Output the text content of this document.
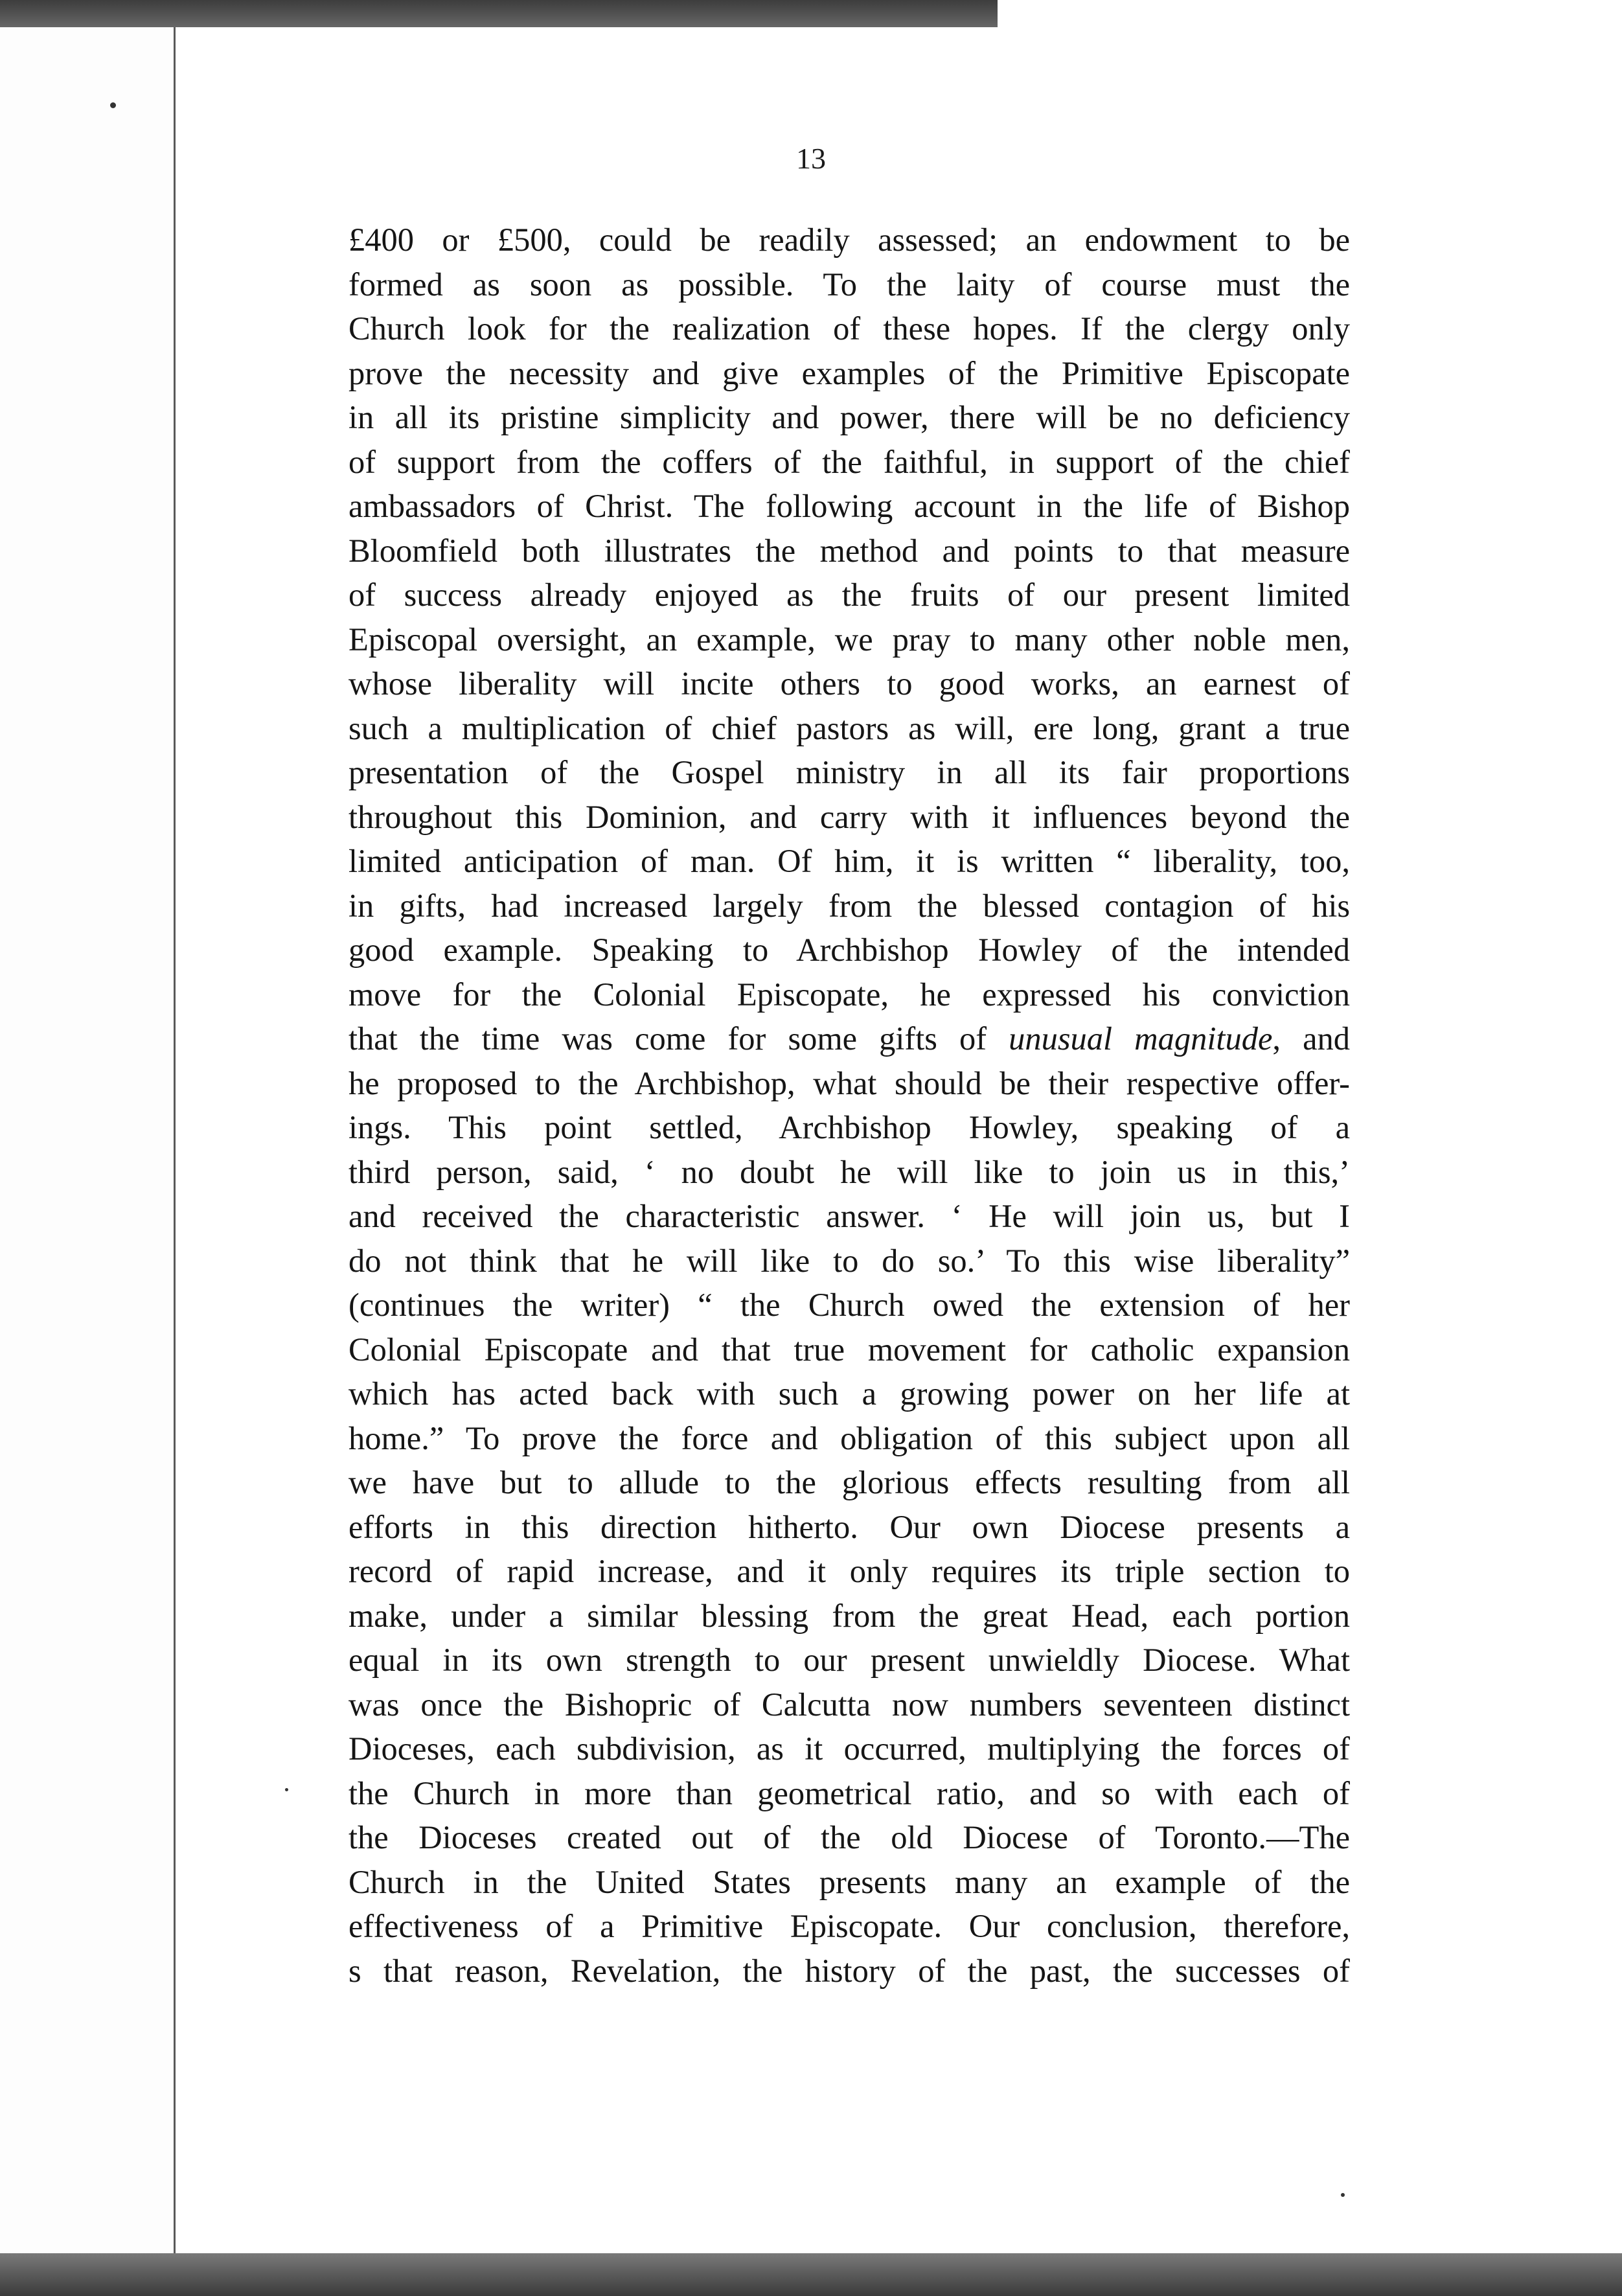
13
£400 or £500, could be readily assessed; an endowment to be
formed as soon as possible. To the laity of course must the
Church look for the realization of these hopes. If the clergy only
prove the necessity and give examples of the Primitive Episcopate
in all its pristine simplicity and power, there will be no deficiency
of support from the coffers of the faithful, in support of the chief
ambassadors of Christ. The following account in the life of Bishop
Bloomfield both illustrates the method and points to that measure
of success already enjoyed as the fruits of our present limited
Episcopal oversight, an example, we pray to many other noble men,
whose liberality will incite others to good works, an earnest of
such a multiplication of chief pastors as will, ere long, grant a true
presentation of the Gospel ministry in all its fair proportions
throughout this Dominion, and carry with it influences beyond the
limited anticipation of man. Of him, it is written “ liberality, too,
in gifts, had increased largely from the blessed contagion of his
good example. Speaking to Archbishop Howley of the intended
move for the Colonial Episcopate, he expressed his conviction
that the time was come for some gifts of unusual magnitude, and
he proposed to the Archbishop, what should be their respective offer-
ings. This point settled, Archbishop Howley, speaking of a
third person, said, ‘ no doubt he will like to join us in this,’
and received the characteristic answer. ‘ He will join us, but I
do not think that he will like to do so.’ To this wise liberality”
(continues the writer) “ the Church owed the extension of her
Colonial Episcopate and that true movement for catholic expansion
which has acted back with such a growing power on her life at
home.” To prove the force and obligation of this subject upon all
we have but to allude to the glorious effects resulting from all
efforts in this direction hitherto. Our own Diocese presents a
record of rapid increase, and it only requires its triple section to
make, under a similar blessing from the great Head, each portion
equal in its own strength to our present unwieldly Diocese. What
was once the Bishopric of Calcutta now numbers seventeen distinct
Dioceses, each subdivision, as it occurred, multiplying the forces of
the Church in more than geometrical ratio, and so with each of
the Dioceses created out of the old Diocese of Toronto.—The
Church in the United States presents many an example of the
effectiveness of a Primitive Episcopate. Our conclusion, therefore,
s that reason, Revelation, the history of the past, the successes of
